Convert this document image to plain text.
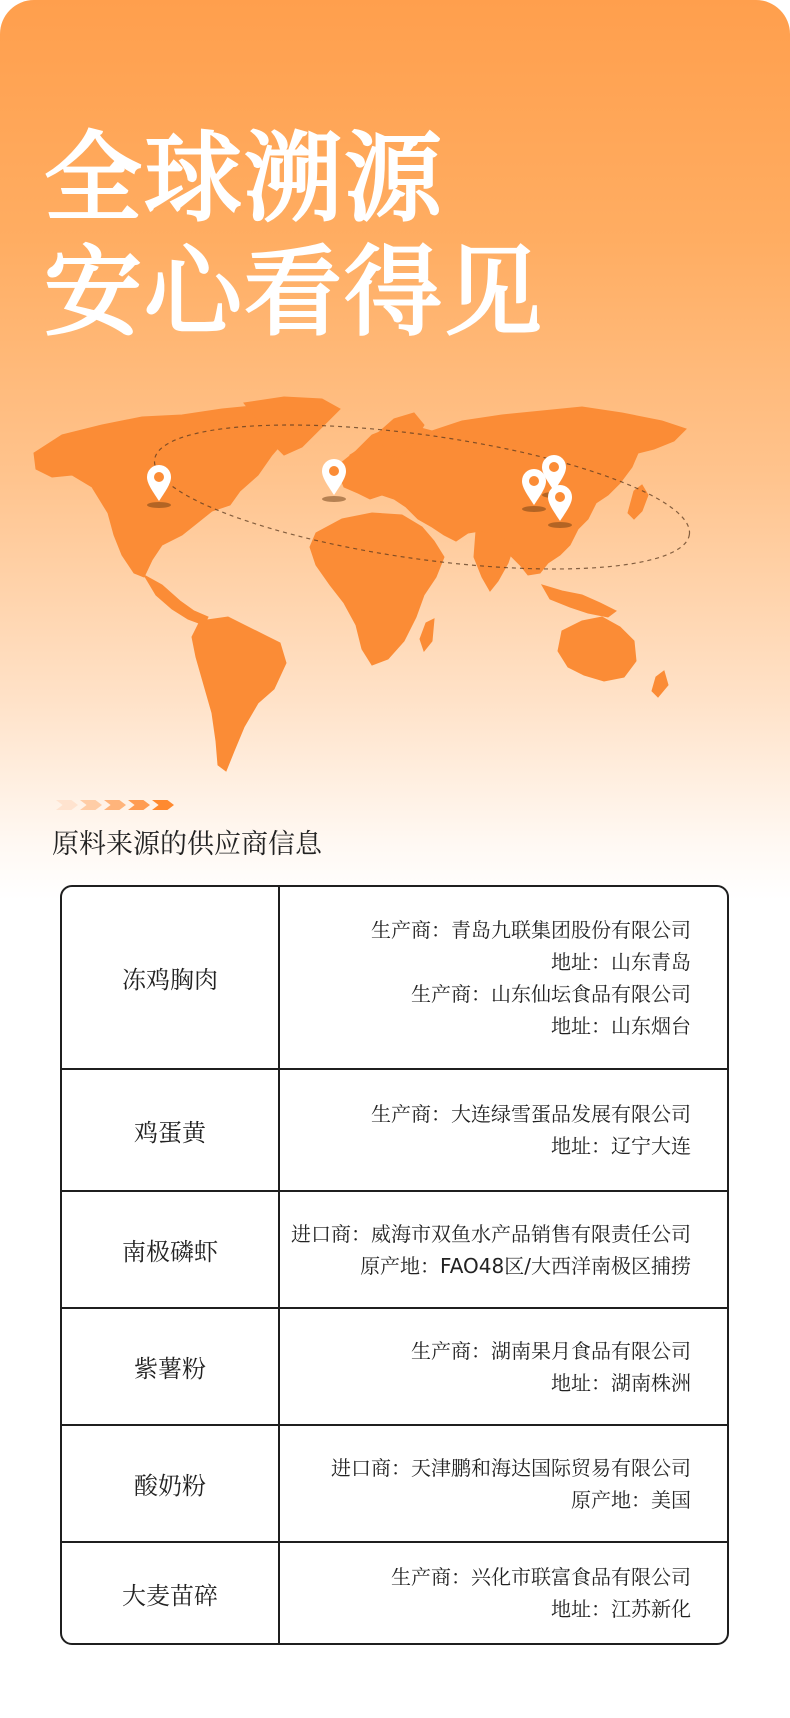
全球溯源
安心看得见
原料来源的供应商信息
冻鸡胸肉
生产商：青岛九联集团股份有限公司
地址：山东青岛
生产商：山东仙坛食品有限公司
地址：山东烟台
鸡蛋黄
生产商：大连绿雪蛋品发展有限公司
地址：辽宁大连
南极磷虾
进口商：威海市双鱼水产品销售有限责任公司
原产地：FAO48区/大西洋南极区捕捞
紫薯粉
生产商：湖南果月食品有限公司
地址：湖南株洲
酸奶粉
进口商：天津鹏和海达国际贸易有限公司
原产地：美国
大麦苗碎
生产商：兴化市联富食品有限公司
地址：江苏新化
